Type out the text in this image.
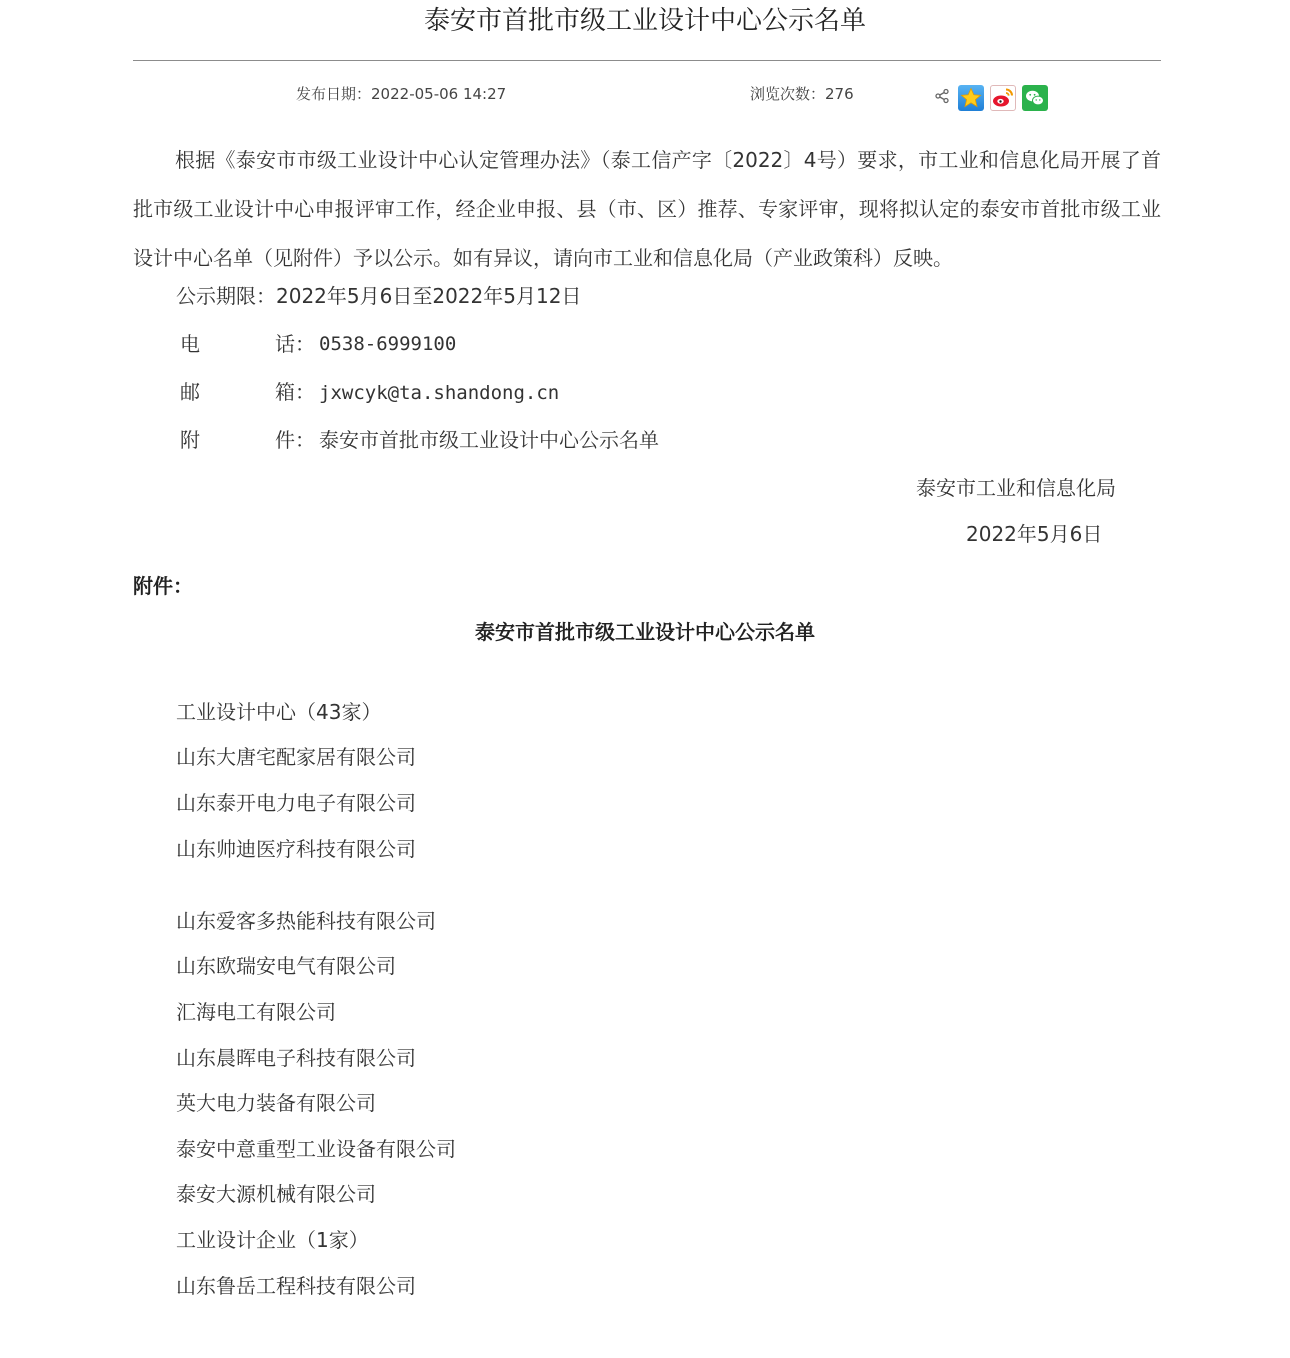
泰安市首批市级工业设计中心公示名单
发布日期：2022-05-06 14:27	浏览次数：276
根据《泰安市市级工业设计中心认定管理办法》（泰工信产字〔2022〕4号）要求，市工业和信息化局开展了首批市级工业设计中心申报评审工作，经企业申报、县（市、区）推荐、专家评审，现将拟认定的泰安市首批市级工业设计中心名单（见附件）予以公示。如有异议，请向市工业和信息化局（产业政策科）反映。
公示期限：2022年5月6日至2022年5月12日
电	话： 0538-6999100
邮	箱： jxwcyk@ta.shandong.cn
附	件： 泰安市首批市级工业设计中心公示名单
泰安市工业和信息化局
2022年5月6日
附件：
泰安市首批市级工业设计中心公示名单
工业设计中心（43家）
山东大唐宅配家居有限公司
山东泰开电力电子有限公司
山东帅迪医疗科技有限公司
山东爱客多热能科技有限公司
山东欧瑞安电气有限公司
汇海电工有限公司
山东晨晖电子科技有限公司
英大电力装备有限公司
泰安中意重型工业设备有限公司
泰安大源机械有限公司
工业设计企业（1家）
山东鲁岳工程科技有限公司
